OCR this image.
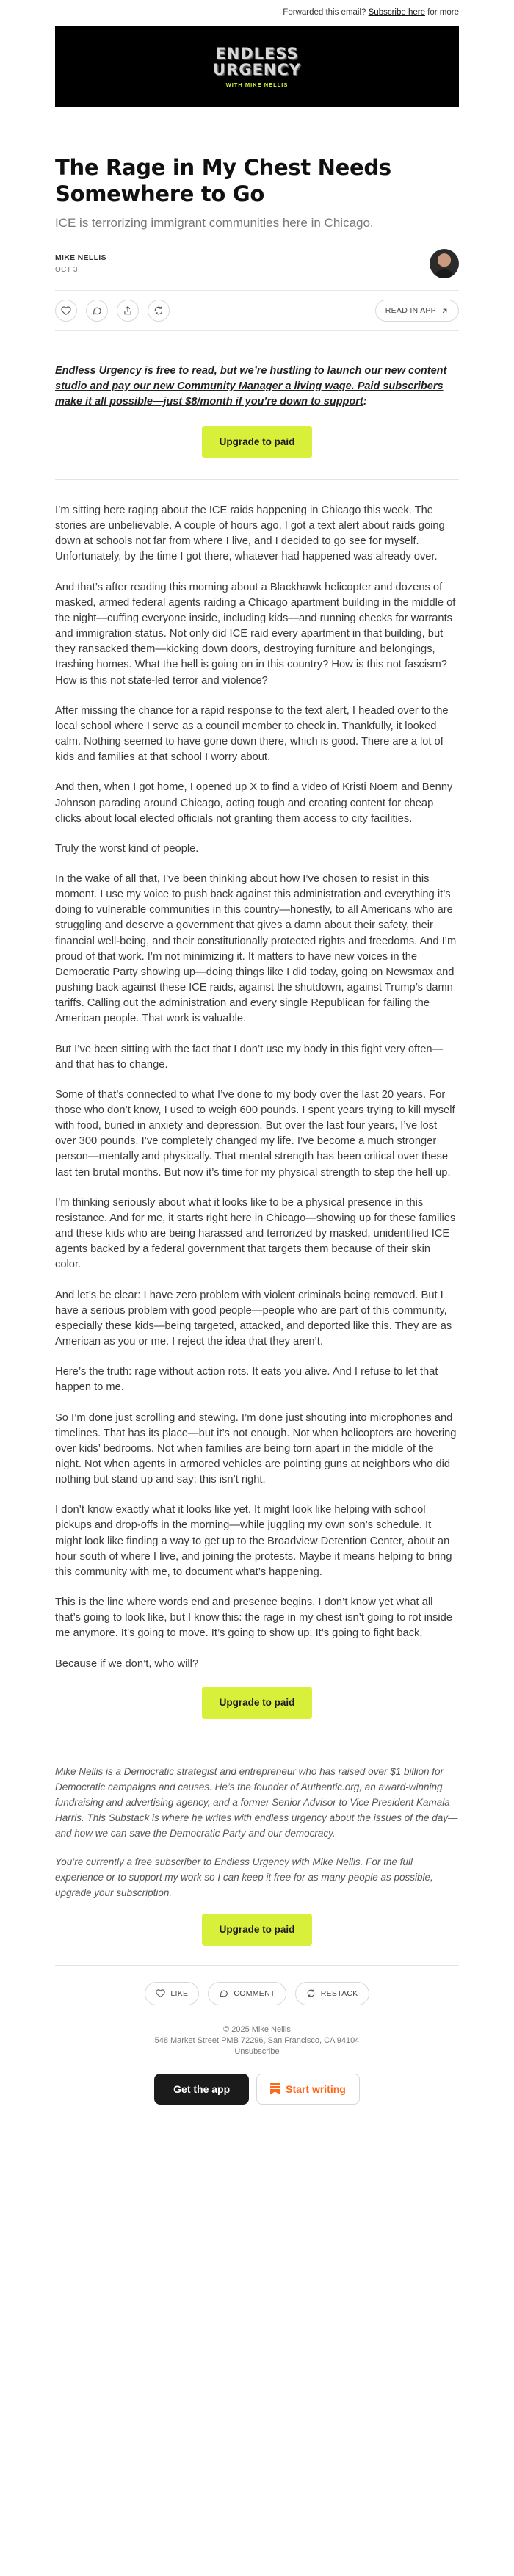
Forwarded this email? Subscribe here for more
ENDLESS
URGENCY
WITH MIKE NELLIS
The Rage in My Chest Needs Somewhere to Go
ICE is terrorizing immigrant communities here in Chicago.
MIKE NELLIS
OCT 3
READ IN APP
Endless Urgency is free to read, but we’re hustling to launch our new content studio and pay our new Community Manager a living wage. Paid subscribers make it all possible—just $8/month if you’re down to support:
Upgrade to paid

I’m sitting here raging about the ICE raids happening in Chicago this week. The stories are unbelievable. A couple of hours ago, I got a text alert about raids going down at schools not far from where I live, and I decided to go see for myself. Unfortunately, by the time I got there, whatever had happened was already over.

And that’s after reading this morning about a Blackhawk helicopter and dozens of masked, armed federal agents raiding a Chicago apartment building in the middle of the night—cuffing everyone inside, including kids—and running checks for warrants and immigration status. Not only did ICE raid every apartment in that building, but they ransacked them—kicking down doors, destroying furniture and belongings, trashing homes. What the hell is going on in this country? How is this not fascism? How is this not state-led terror and violence?

After missing the chance for a rapid response to the text alert, I headed over to the local school where I serve as a council member to check in. Thankfully, it looked calm. Nothing seemed to have gone down there, which is good. There are a lot of kids and families at that school I worry about.

And then, when I got home, I opened up X to find a video of Kristi Noem and Benny Johnson parading around Chicago, acting tough and creating content for cheap clicks about local elected officials not granting them access to city facilities.

Truly the worst kind of people.

In the wake of all that, I’ve been thinking about how I’ve chosen to resist in this moment. I use my voice to push back against this administration and everything it’s doing to vulnerable communities in this country—honestly, to all Americans who are struggling and deserve a government that gives a damn about their safety, their financial well-being, and their constitutionally protected rights and freedoms. And I’m proud of that work. I’m not minimizing it. It matters to have new voices in the Democratic Party showing up—doing things like I did today, going on Newsmax and pushing back against these ICE raids, against the shutdown, against Trump’s damn tariffs. Calling out the administration and every single Republican for failing the American people. That work is valuable.

But I’ve been sitting with the fact that I don’t use my body in this fight very often—and that has to change.

Some of that’s connected to what I’ve done to my body over the last 20 years. For those who don’t know, I used to weigh 600 pounds. I spent years trying to kill myself with food, buried in anxiety and depression. But over the last four years, I’ve lost over 300 pounds. I’ve completely changed my life. I’ve become a much stronger person—mentally and physically. That mental strength has been critical over these last ten brutal months. But now it’s time for my physical strength to step the hell up.

I’m thinking seriously about what it looks like to be a physical presence in this resistance. And for me, it starts right here in Chicago—showing up for these families and these kids who are being harassed and terrorized by masked, unidentified ICE agents backed by a federal government that targets them because of their skin color.

And let’s be clear: I have zero problem with violent criminals being removed. But I have a serious problem with good people—people who are part of this community, especially these kids—being targeted, attacked, and deported like this. They are as American as you or me. I reject the idea that they aren’t.

Here’s the truth: rage without action rots. It eats you alive. And I refuse to let that happen to me.

So I’m done just scrolling and stewing. I’m done just shouting into microphones and timelines. That has its place—but it’s not enough. Not when helicopters are hovering over kids’ bedrooms. Not when families are being torn apart in the middle of the night. Not when agents in armored vehicles are pointing guns at neighbors who did nothing but stand up and say: this isn’t right.

I don’t know exactly what it looks like yet. It might look like helping with school pickups and drop-offs in the morning—while juggling my own son’s schedule. It might look like finding a way to get up to the Broadview Detention Center, about an hour south of where I live, and joining the protests. Maybe it means helping to bring this community with me, to document what’s happening.

This is the line where words end and presence begins. I don’t know yet what all that’s going to look like, but I know this: the rage in my chest isn’t going to rot inside me anymore. It’s going to move. It’s going to show up. It’s going to fight back.

Because if we don’t, who will?

Upgrade to paid

Mike Nellis is a Democratic strategist and entrepreneur who has raised over $1 billion for Democratic campaigns and causes. He’s the founder of Authentic.org, an award-winning fundraising and advertising agency, and a former Senior Advisor to Vice President Kamala Harris. This Substack is where he writes with endless urgency about the issues of the day—and how we can save the Democratic Party and our democracy.

You’re currently a free subscriber to Endless Urgency with Mike Nellis. For the full experience or to support my work so I can keep it free for as many people as possible, upgrade your subscription.

Upgrade to paid
LIKE	COMMENT	RESTACK
© 2025 Mike Nellis
548 Market Street PMB 72296, San Francisco, CA 94104
Unsubscribe
Get the app	Start writing
